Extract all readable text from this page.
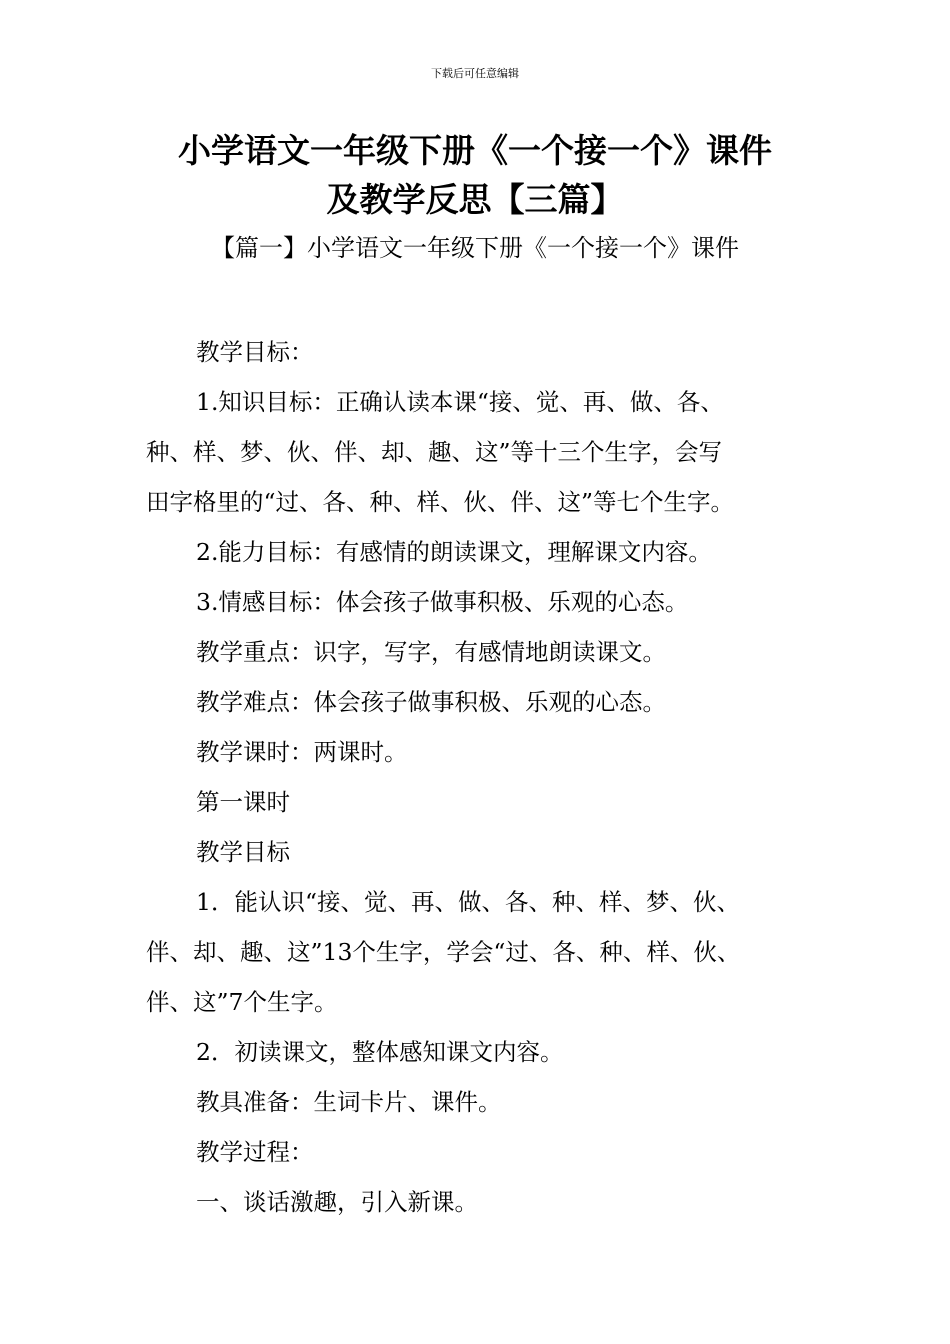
下载后可任意编辑
小学语文一年级下册《一个接一个》课件
及教学反思【三篇】
【篇一】小学语文一年级下册《一个接一个》课件
教学目标：
1.知识目标：正确认读本课“接、觉、再、做、各、
种、样、梦、伙、伴、却、趣、这”等十三个生字，会写
田字格里的“过、各、种、样、伙、伴、这”等七个生字。
2.能力目标：有感情的朗读课文，理解课文内容。
3.情感目标：体会孩子做事积极、乐观的心态。
教学重点：识字，写字，有感情地朗读课文。
教学难点：体会孩子做事积极、乐观的心态。
教学课时：两课时。
第一课时
教学目标
1．能认识“接、觉、再、做、各、种、样、梦、伙、
伴、却、趣、这”13个生字，学会“过、各、种、样、伙、
伴、这”7个生字。
2．初读课文，整体感知课文内容。
教具准备：生词卡片、课件。
教学过程：
一、谈话激趣，引入新课。
